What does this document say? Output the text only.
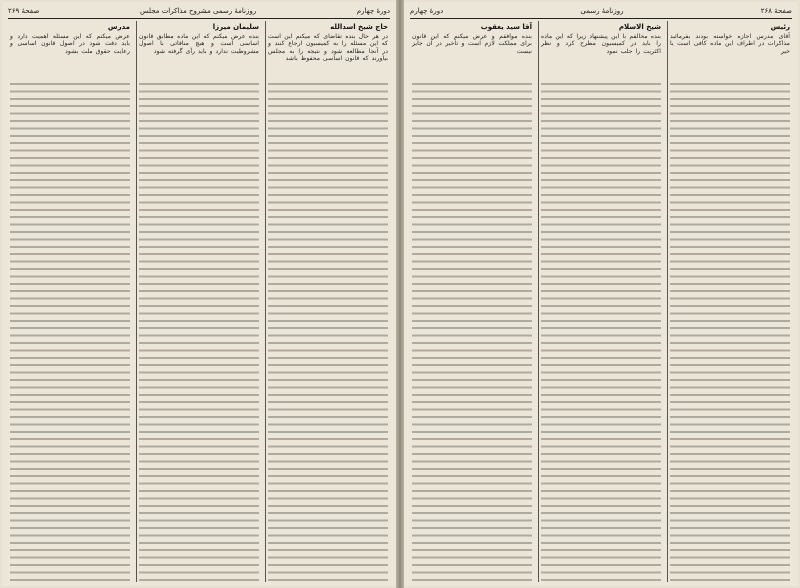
دورهٔ چهارم
روزنامهٔ رسمی مشروح مذاکرات مجلس
صفحهٔ ۲۶۹
حاج شیخ اسدالله
در هر حال بنده تقاضای که میکنم این است که این مسئله را به کمیسیون ارجاع کنند و در آنجا مطالعه شود و نتیجه را به مجلس بیاورند که قانون اساسی محفوظ باشد
سلیمان میرزا
بنده عرض میکنم که این ماده مطابق قانون اساسی است و هیچ منافاتی با اصول مشروطیت ندارد و باید رأی گرفته شود
مدرس
عرض میکنم که این مسئله اهمیت دارد و باید دقت شود در اصول قانون اساسی و رعایت حقوق ملت بشود
صفحهٔ ۲۶۸
روزنامهٔ رسمی
دورهٔ چهارم
رئیس
آقای مدرس اجازه خواسته بودند بفرمائید مذاکرات در اطراف این ماده کافی است یا خیر
شیخ الاسلام
بنده مخالفم با این پیشنهاد زیرا که این ماده را باید در کمیسیون مطرح کرد و نظر اکثریت را جلب نمود
آقا سید یعقوب
بنده موافقم و عرض میکنم که این قانون برای مملکت لازم است و تأخیر در آن جایز نیست
